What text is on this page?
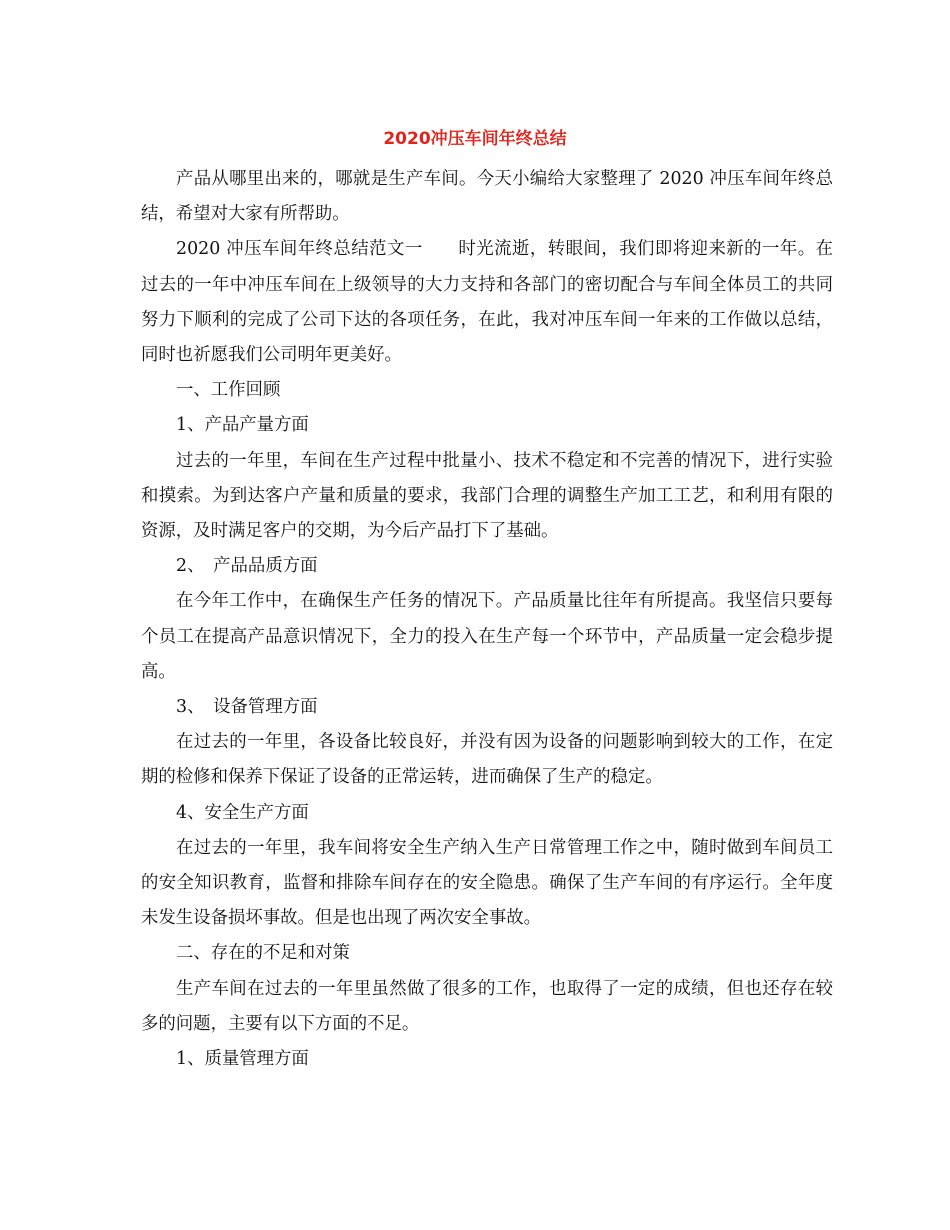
2020冲压车间年终总结

产品从哪里出来的，哪就是生产车间。今天小编给大家整理了 2020 冲压车间年终总结，希望对大家有所帮助。

2020 冲压车间年终总结范文一　　时光流逝，转眼间，我们即将迎来新的一年。在过去的一年中冲压车间在上级领导的大力支持和各部门的密切配合与车间全体员工的共同努力下顺利的完成了公司下达的各项任务，在此，我对冲压车间一年来的工作做以总结，同时也祈愿我们公司明年更美好。

一、工作回顾

1、产品产量方面

过去的一年里，车间在生产过程中批量小、技术不稳定和不完善的情况下，进行实验和摸索。为到达客户产量和质量的要求，我部门合理的调整生产加工工艺，和利用有限的资源，及时满足客户的交期，为今后产品打下了基础。

2、　产品品质方面

在今年工作中，在确保生产任务的情况下。产品质量比往年有所提高。我坚信只要每个员工在提高产品意识情况下，全力的投入在生产每一个环节中，产品质量一定会稳步提高。

3、　设备管理方面

在过去的一年里，各设备比较良好，并没有因为设备的问题影响到较大的工作，在定期的检修和保养下保证了设备的正常运转，进而确保了生产的稳定。

4、安全生产方面

在过去的一年里，我车间将安全生产纳入生产日常管理工作之中，随时做到车间员工的安全知识教育，监督和排除车间存在的安全隐患。确保了生产车间的有序运行。全年度未发生设备损坏事故。但是也出现了两次安全事故。

二、存在的不足和对策

生产车间在过去的一年里虽然做了很多的工作，也取得了一定的成绩，但也还存在较多的问题，主要有以下方面的不足。

1、质量管理方面
